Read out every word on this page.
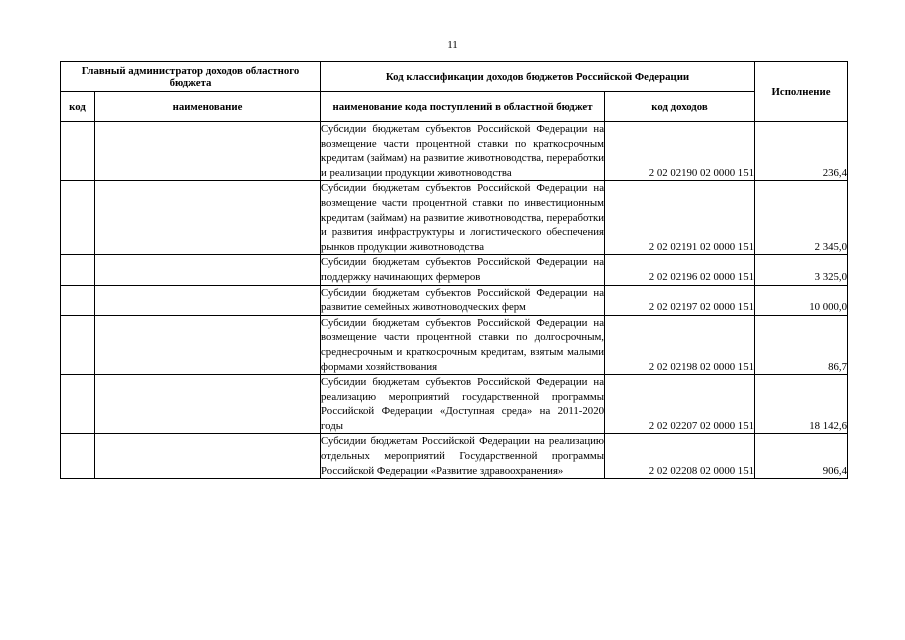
11
Главный администратор доходов областного бюджета		Код классификации доходов бюджетов Российской Федерации		Исполнение
код	наименование	наименование кода поступлений в областной бюджет	код доходов	
		Субсидии бюджетам субъектов Российской Федерации на возмещение части процентной ставки по краткосрочным кредитам (займам) на развитие животноводства, переработки и реализации продукции животноводства	2 02 02190 02 0000 151	236,4
		Субсидии бюджетам субъектов Российской Федерации на возмещение части процентной ставки по инвестиционным кредитам (займам) на развитие животноводства, переработки и развития инфраструктуры и логистического обеспечения рынков продукции животноводства	2 02 02191 02 0000 151	2 345,0
		Субсидии бюджетам субъектов Российской Федерации на поддержку начинающих фермеров	2 02 02196 02 0000 151	3 325,0
		Субсидии бюджетам субъектов Российской Федерации на развитие семейных животноводческих ферм	2 02 02197 02 0000 151	10 000,0
		Субсидии бюджетам субъектов Российской Федерации на возмещение части процентной ставки по долгосрочным, среднесрочным и краткосрочным кредитам, взятым малыми формами хозяйствования	2 02 02198 02 0000 151	86,7
		Субсидии бюджетам субъектов Российской Федерации на реализацию мероприятий государственной программы Российской Федерации «Доступная среда» на 2011-2020 годы	2 02 02207 02 0000 151	18 142,6
		Субсидии бюджетам Российской Федерации на реализацию отдельных мероприятий Государственной программы Российской Федерации «Развитие здравоохранения»	2 02 02208 02 0000 151	906,4
